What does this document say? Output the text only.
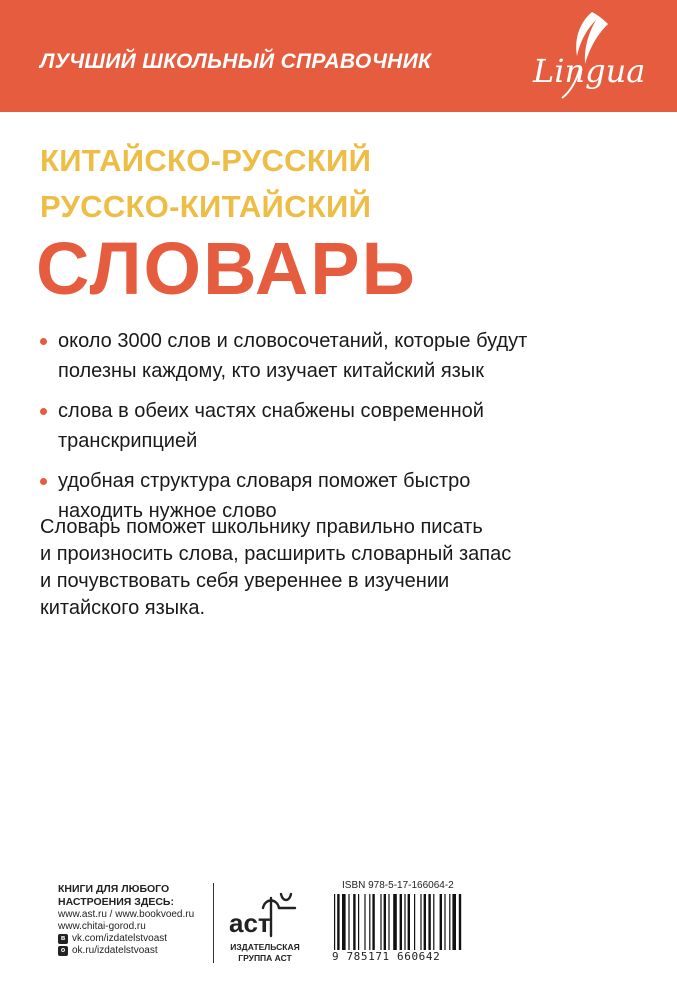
ЛУЧШИЙ ШКОЛЬНЫЙ СПРАВОЧНИК	Lingua
КИТАЙСКО-РУССКИЙ
РУССКО-КИТАЙСКИЙ
СЛОВАРЬ
около 3000 слов и словосочетаний, которые будут
полезны каждому, кто изучает китайский язык
слова в обеих частях снабжены современной
транскрипцией
удобная структура словаря поможет быстро
находить нужное слово

Словарь поможет школьнику правильно писать
и произносить слова, расширить словарный запас
и почувствовать себя увереннее в изучении
китайского языка.

КНИГИ ДЛЯ ЛЮБОГО
НАСТРОЕНИЯ ЗДЕСЬ:
www.ast.ru / www.bookvoed.ru
www.chitai-gorod.ru
в vk.com/izdatelstvoast
о ok.ru/izdatelstvoast
аст
ИЗДАТЕЛЬСКАЯ
ГРУППА АСТ
ISBN 978-5-17-166064-2
9 785171 660642
